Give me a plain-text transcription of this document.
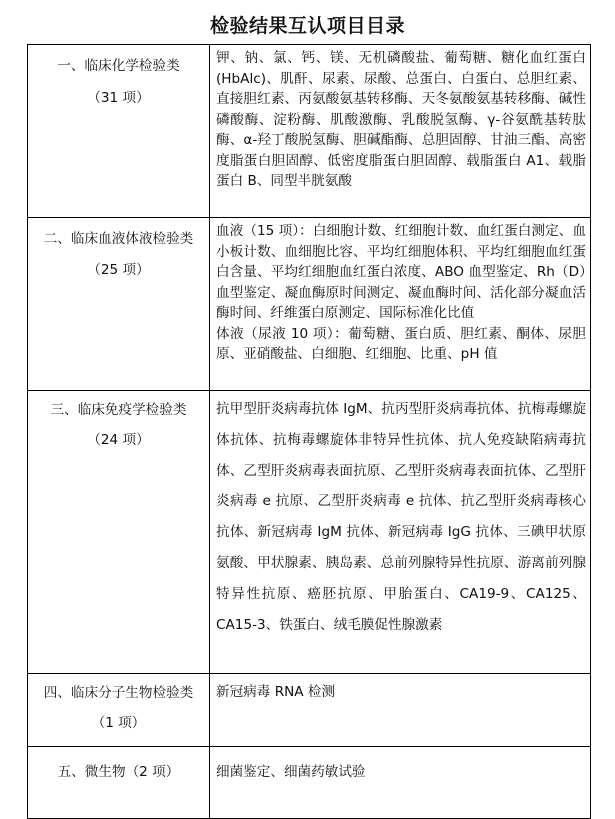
检验结果互认项目目录
一、临床化学检验类
（31 项）	钾、钠、氯、钙、镁、无机磷酸盐、葡萄糖、糖化血红蛋白(HbAlc)、肌酐、尿素、尿酸、总蛋白、白蛋白、总胆红素、直接胆红素、丙氨酸氨基转移酶、天冬氨酸氨基转移酶、碱性磷酸酶、淀粉酶、肌酸激酶、乳酸脱氢酶、γ-谷氨酰基转肽酶、α-羟丁酸脱氢酶、胆碱酯酶、总胆固醇、甘油三酯、高密度脂蛋白胆固醇、低密度脂蛋白胆固醇、载脂蛋白 A1、载脂蛋白 B、同型半胱氨酸

二、临床血液体液检验类（25 项）	血液（15 项）：白细胞计数、红细胞计数、血红蛋白测定、血小板计数、血细胞比容、平均红细胞体积、平均红细胞血红蛋白含量、平均红细胞血红蛋白浓度、ABO 血型鉴定、Rh（D）血型鉴定、凝血酶原时间测定、凝血酶时间、活化部分凝血活酶时间、纤维蛋白原测定、国际标准化比值
体液（尿液 10 项）：葡萄糖、蛋白质、胆红素、酮体、尿胆原、亚硝酸盐、白细胞、红细胞、比重、pH 值

三、临床免疫学检验类
（24 项）	抗甲型肝炎病毒抗体 IgM、抗丙型肝炎病毒抗体、抗梅毒螺旋体抗体、抗梅毒螺旋体非特异性抗体、抗人免疫缺陷病毒抗体、乙型肝炎病毒表面抗原、乙型肝炎病毒表面抗体、乙型肝炎病毒 e 抗原、乙型肝炎病毒 e 抗体、抗乙型肝炎病毒核心抗体、新冠病毒 IgM 抗体、新冠病毒 IgG 抗体、三碘甲状原氨酸、甲状腺素、胰岛素、总前列腺特异性抗原、游离前列腺特异性抗原、癌胚抗原、甲胎蛋白、CA19-9、CA125、CA15-3、铁蛋白、绒毛膜促性腺激素

四、临床分子生物检验类（1 项）	新冠病毒 RNA 检测

五、微生物（2 项）	细菌鉴定、细菌药敏试验
